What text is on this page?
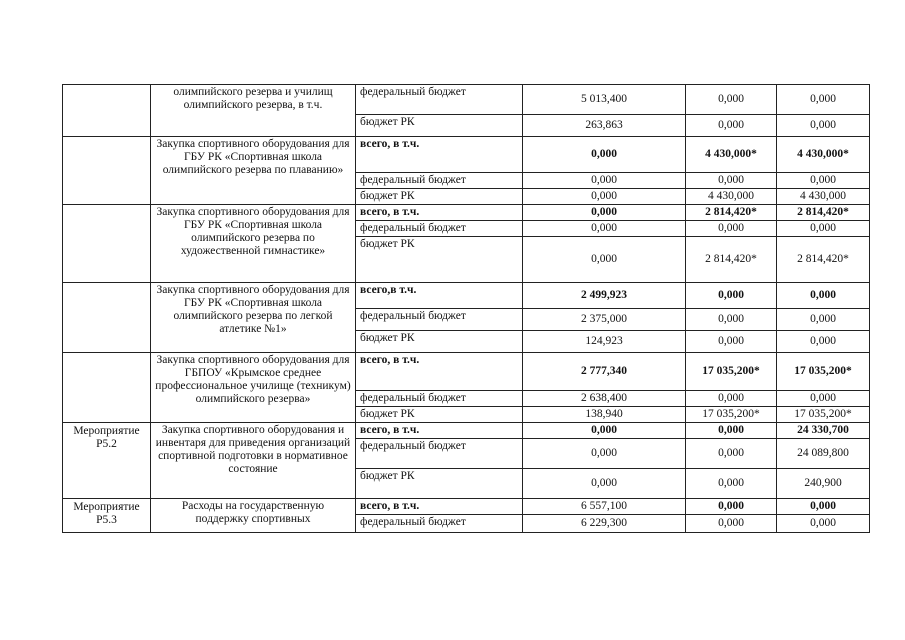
	олимпийского резерва и училищ олимпийского резерва, в т.ч.	федеральный бюджет	5 013,400	0,000	0,000
		бюджет РК	263,863	0,000	0,000
	Закупка спортивного оборудования для ГБУ РК «Спортивная школа олимпийского резерва по плаванию»	всего, в т.ч.	0,000	4 430,000*	4 430,000*
		федеральный бюджет	0,000	0,000	0,000
		бюджет РК	0,000	4 430,000	4 430,000
	Закупка спортивного оборудования для ГБУ РК «Спортивная школа олимпийского резерва по художественной гимнастике»	всего, в т.ч.	0,000	2 814,420*	2 814,420*
		федеральный бюджет	0,000	0,000	0,000
		бюджет РК	0,000	2 814,420*	2 814,420*
	Закупка спортивного оборудования для ГБУ РК «Спортивная школа олимпийского резерва по легкой атлетике №1»	всего,в т.ч.	2 499,923	0,000	0,000
		федеральный бюджет	2 375,000	0,000	0,000
		бюджет РК	124,923	0,000	0,000
	Закупка спортивного оборудования для ГБПОУ «Крымское среднее профессиональное училище (техникум) олимпийского резерва»	всего, в т.ч.	2 777,340	17 035,200*	17 035,200*
		федеральный бюджет	2 638,400	0,000	0,000
		бюджет РК	138,940	17 035,200*	17 035,200*
Мероприятие Р5.2	Закупка спортивного оборудования и инвентаря для приведения организаций спортивной подготовки в нормативное состояние	всего, в т.ч.	0,000	0,000	24 330,700
		федеральный бюджет	0,000	0,000	24 089,800
		бюджет РК	0,000	0,000	240,900
Мероприятие Р5.3	Расходы на государственную поддержку спортивных	всего, в т.ч.	6 557,100	0,000	0,000
		федеральный бюджет	6 229,300	0,000	0,000
